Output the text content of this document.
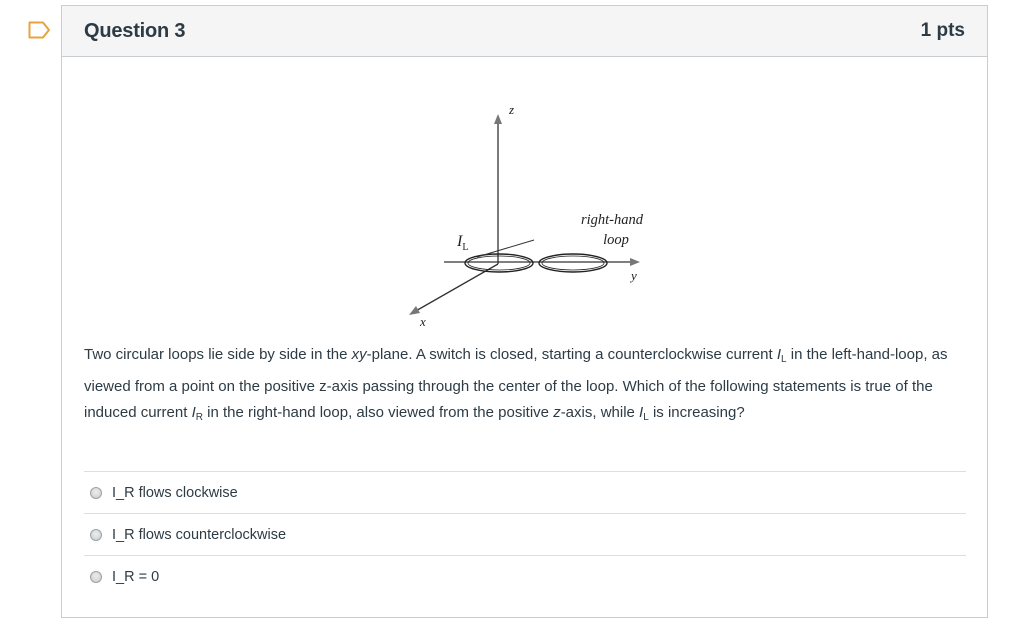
Question 3	1 pts
z
y
x
$I_L$
right-hand
loop
Two circular loops lie side by side in the xy-plane. A switch is closed, starting a counterclockwise current $I_L$ in the left-hand-loop, as viewed from a point on the positive z-axis passing through the center of the loop. Which of the following statements is true of the induced current $I_R$ in the right-hand loop, also viewed from the positive z-axis, while $I_L$ is increasing?
I_R flows clockwise
I_R flows counterclockwise
I_R = 0
